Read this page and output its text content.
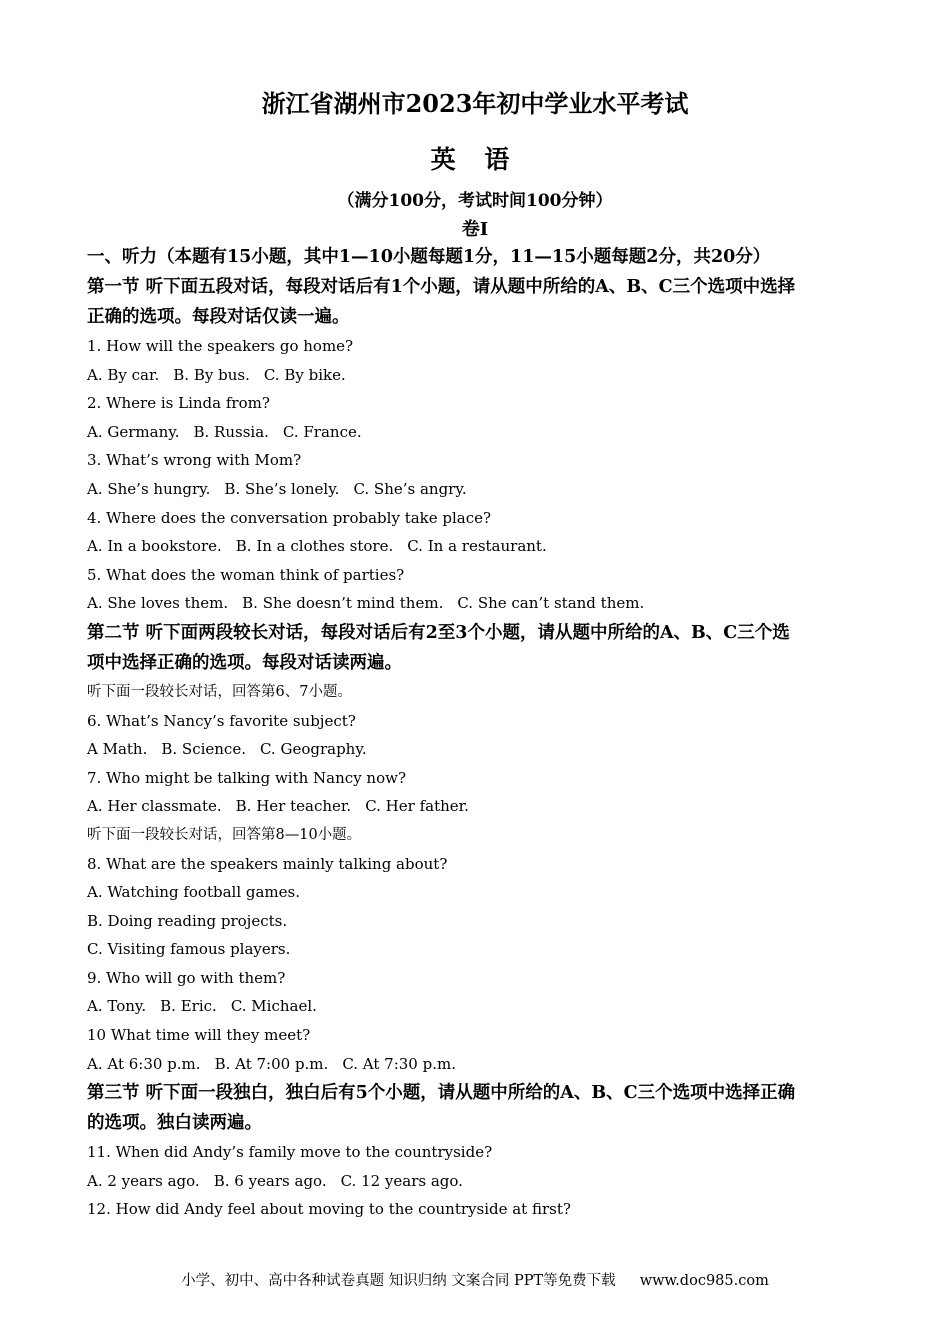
浙江省湖州市2023年初中学业水平考试
英 语
（满分100分，考试时间100分钟）
卷Ⅰ
一、听力（本题有15小题，其中1—10小题每题1分，11—15小题每题2分，共20分）
第一节 听下面五段对话，每段对话后有1个小题，请从题中所给的A、B、C三个选项中选择
正确的选项。每段对话仅读一遍。
1. How will the speakers go home?
A. By car. B. By bus. C. By bike.
2. Where is Linda from?
A. Germany. B. Russia. C. France.
3. What’s wrong with Mom?
A. She’s hungry. B. She’s lonely. C. She’s angry.
4. Where does the conversation probably take place?
A. In a bookstore. B. In a clothes store. C. In a restaurant.
5. What does the woman think of parties?
A. She loves them. B. She doesn’t mind them. C. She can’t stand them.
第二节 听下面两段较长对话，每段对话后有2至3个小题，请从题中所给的A、B、C三个选
项中选择正确的选项。每段对话读两遍。
听下面一段较长对话，回答第6、7小题。
6. What’s Nancy’s favorite subject?
A Math. B. Science. C. Geography.
7. Who might be talking with Nancy now?
A. Her classmate. B. Her teacher. C. Her father.
听下面一段较长对话，回答第8—10小题。
8. What are the speakers mainly talking about?
A. Watching football games.
B. Doing reading projects.
C. Visiting famous players.
9. Who will go with them?
A. Tony. B. Eric. C. Michael.
10 What time will they meet?
A. At 6:30 p.m. B. At 7:00 p.m. C. At 7:30 p.m.
第三节 听下面一段独白，独白后有5个小题，请从题中所给的A、B、C三个选项中选择正确
的选项。独白读两遍。
11. When did Andy’s family move to the countryside?
A. 2 years ago. B. 6 years ago. C. 12 years ago.
12. How did Andy feel about moving to the countryside at first?
小学、初中、高中各种试卷真题 知识归纳 文案合同 PPT等免费下载 www.doc985.com
